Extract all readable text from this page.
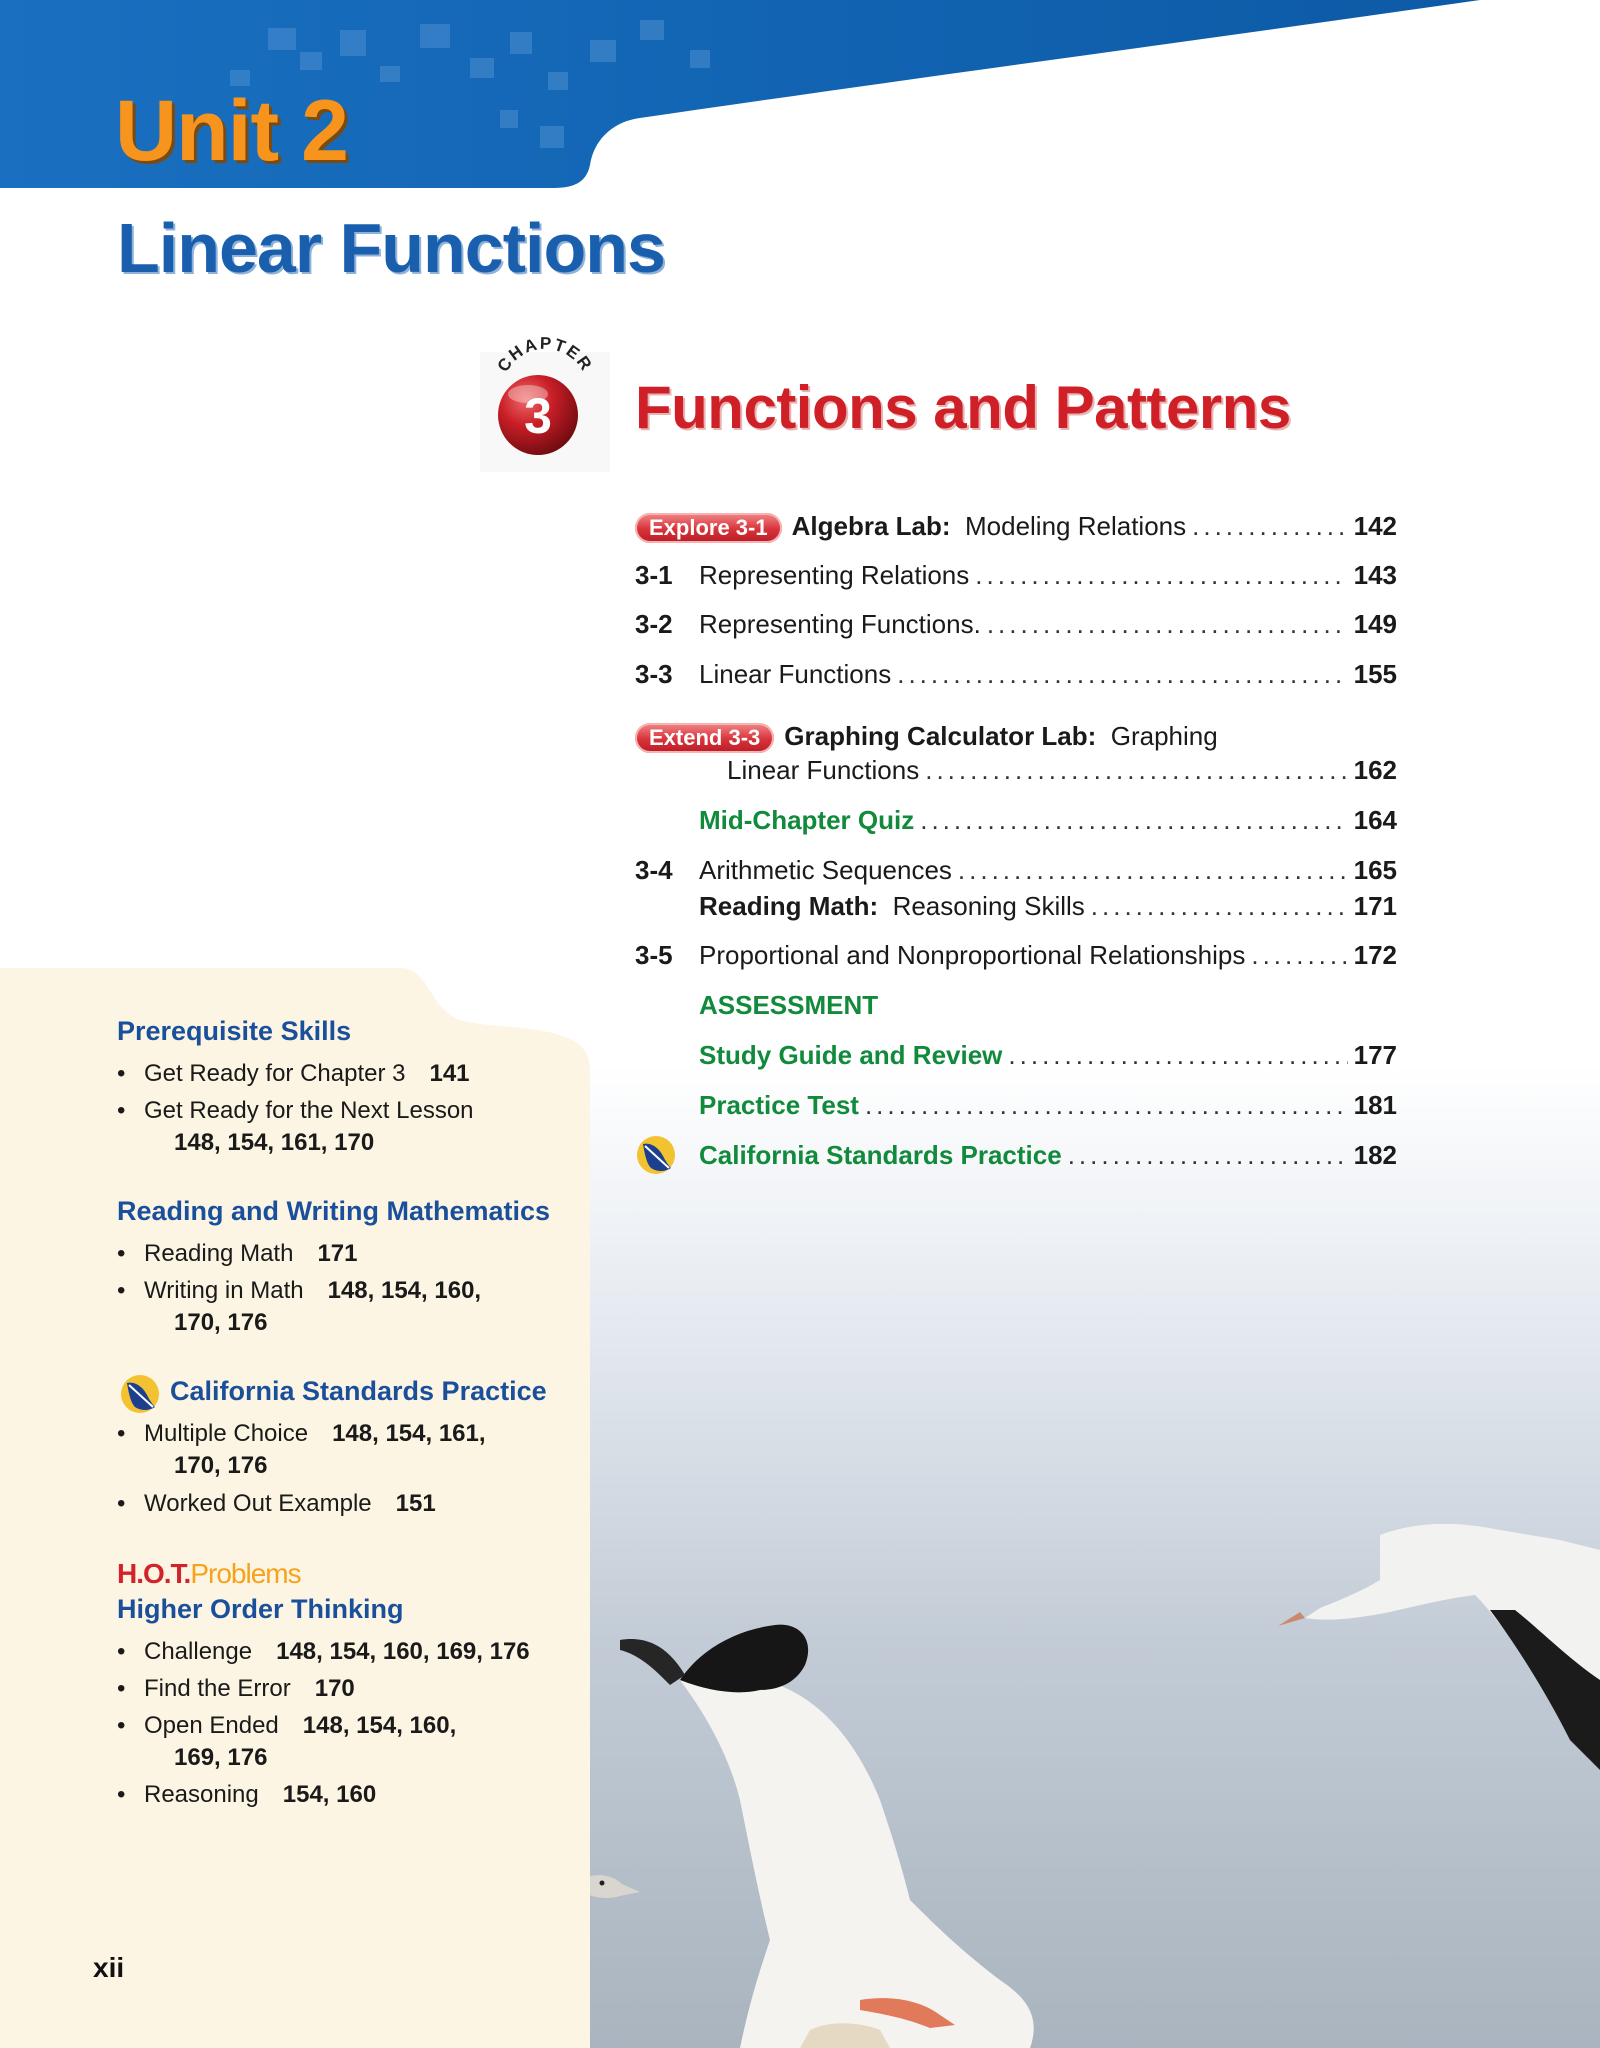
Unit 2
Linear Functions
CHAPTER
3 Functions and Patterns
Explore 3-1 Algebra Lab: Modeling Relations .....	142
3-1	Representing Relations .....	143
3-2	Representing Functions. .....	149
3-3	Linear Functions .....	155
Extend 3-3 Graphing Calculator Lab: Graphing
Linear Functions .....	162
Mid-Chapter Quiz .....	164
3-4	Arithmetic Sequences .....	165
Reading Math: Reasoning Skills .....	171
3-5	Proportional and Nonproportional Relationships .....	172
ASSESSMENT
Study Guide and Review .....	177
Practice Test .....	181
California Standards Practice .....	182
Prerequisite Skills
• Get Ready for Chapter 3 141
• Get Ready for the Next Lesson
148, 154, 161, 170
Reading and Writing Mathematics
• Reading Math 171
• Writing in Math 148, 154, 160,
170, 176
California Standards Practice
• Multiple Choice 148, 154, 161,
170, 176
• Worked Out Example 151
H.O.T.Problems
Higher Order Thinking
• Challenge 148, 154, 160, 169, 176
• Find the Error 170
• Open Ended 148, 154, 160,
169, 176
• Reasoning 154, 160
xii
